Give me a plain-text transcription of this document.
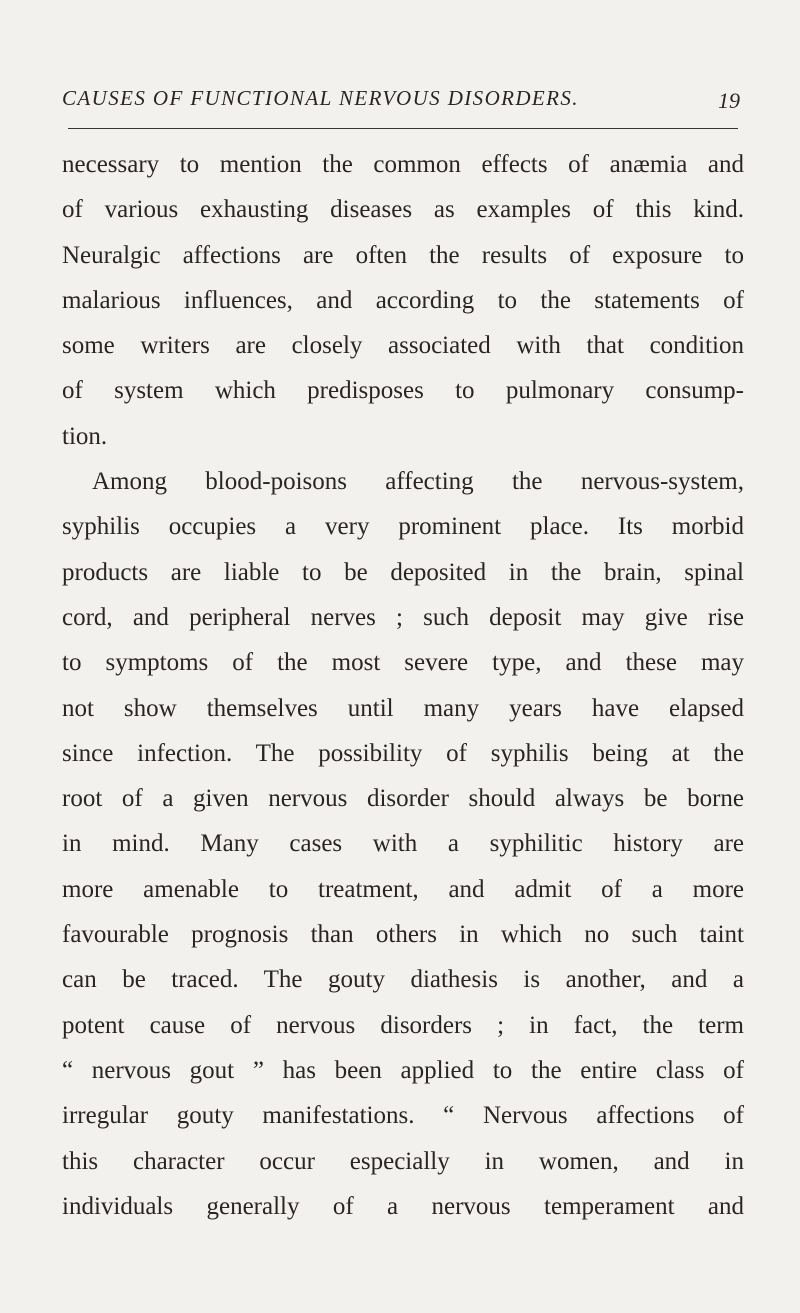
CAUSES OF FUNCTIONAL NERVOUS DISORDERS.	19
necessary to mention the common effects of anæmia and
of various exhausting diseases as examples of this kind.
Neuralgic affections are often the results of exposure to
malarious influences, and according to the statements of
some writers are closely associated with that condition
of system which predisposes to pulmonary consump-
tion.
Among blood-poisons affecting the nervous-system,
syphilis occupies a very prominent place. Its morbid
products are liable to be deposited in the brain, spinal
cord, and peripheral nerves ; such deposit may give rise
to symptoms of the most severe type, and these may
not show themselves until many years have elapsed
since infection. The possibility of syphilis being at the
root of a given nervous disorder should always be borne
in mind. Many cases with a syphilitic history are
more amenable to treatment, and admit of a more
favourable prognosis than others in which no such taint
can be traced. The gouty diathesis is another, and a
potent cause of nervous disorders ; in fact, the term
“ nervous gout ” has been applied to the entire class of
irregular gouty manifestations. “ Nervous affections of
this character occur especially in women, and in
individuals generally of a nervous temperament and
